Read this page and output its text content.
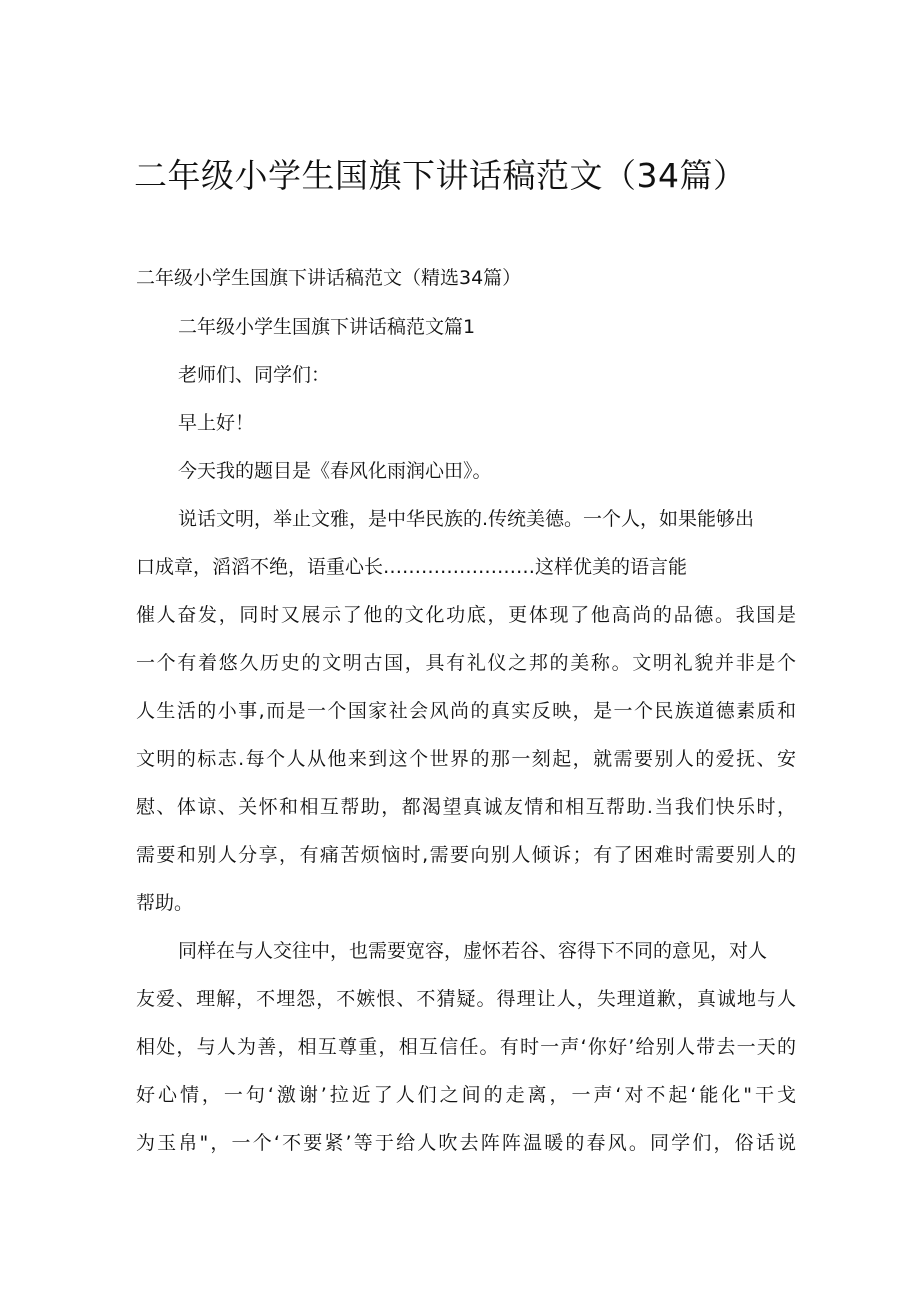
二年级小学生国旗下讲话稿范文（34篇）

二年级小学生国旗下讲话稿范文（精选34篇）

二年级小学生国旗下讲话稿范文篇1

老师们、同学们：

早上好！

今天我的题目是《春风化雨润心田》。

说话文明，举止文雅，是中华民族的.传统美德。一个人，如果能够出

口成章，滔滔不绝，语重心长……………………这样优美的语言能

催人奋发，同时又展示了他的文化功底，更体现了他高尚的品德。我国是

一个有着悠久历史的文明古国，具有礼仪之邦的美称。文明礼貌并非是个

人生活的小事,而是一个国家社会风尚的真实反映，是一个民族道德素质和

文明的标志.每个人从他来到这个世界的那一刻起，就需要别人的爱抚、安

慰、体谅、关怀和相互帮助，都渴望真诚友情和相互帮助.当我们快乐时，

需要和别人分享，有痛苦烦恼时,需要向别人倾诉；有了困难时需要别人的

帮助。

同样在与人交往中，也需要宽容，虚怀若谷、容得下不同的意见，对人

友爱、理解，不埋怨，不嫉恨、不猜疑。得理让人，失理道歉，真诚地与人

相处，与人为善，相互尊重，相互信任。有时一声‘你好’给别人带去一天的

好心情，一句‘激谢’拉近了人们之间的走离，一声‘对不起‘能化"干戈

为玉帛"，一个‘不要紧’等于给人吹去阵阵温暖的春风。同学们，俗话说
